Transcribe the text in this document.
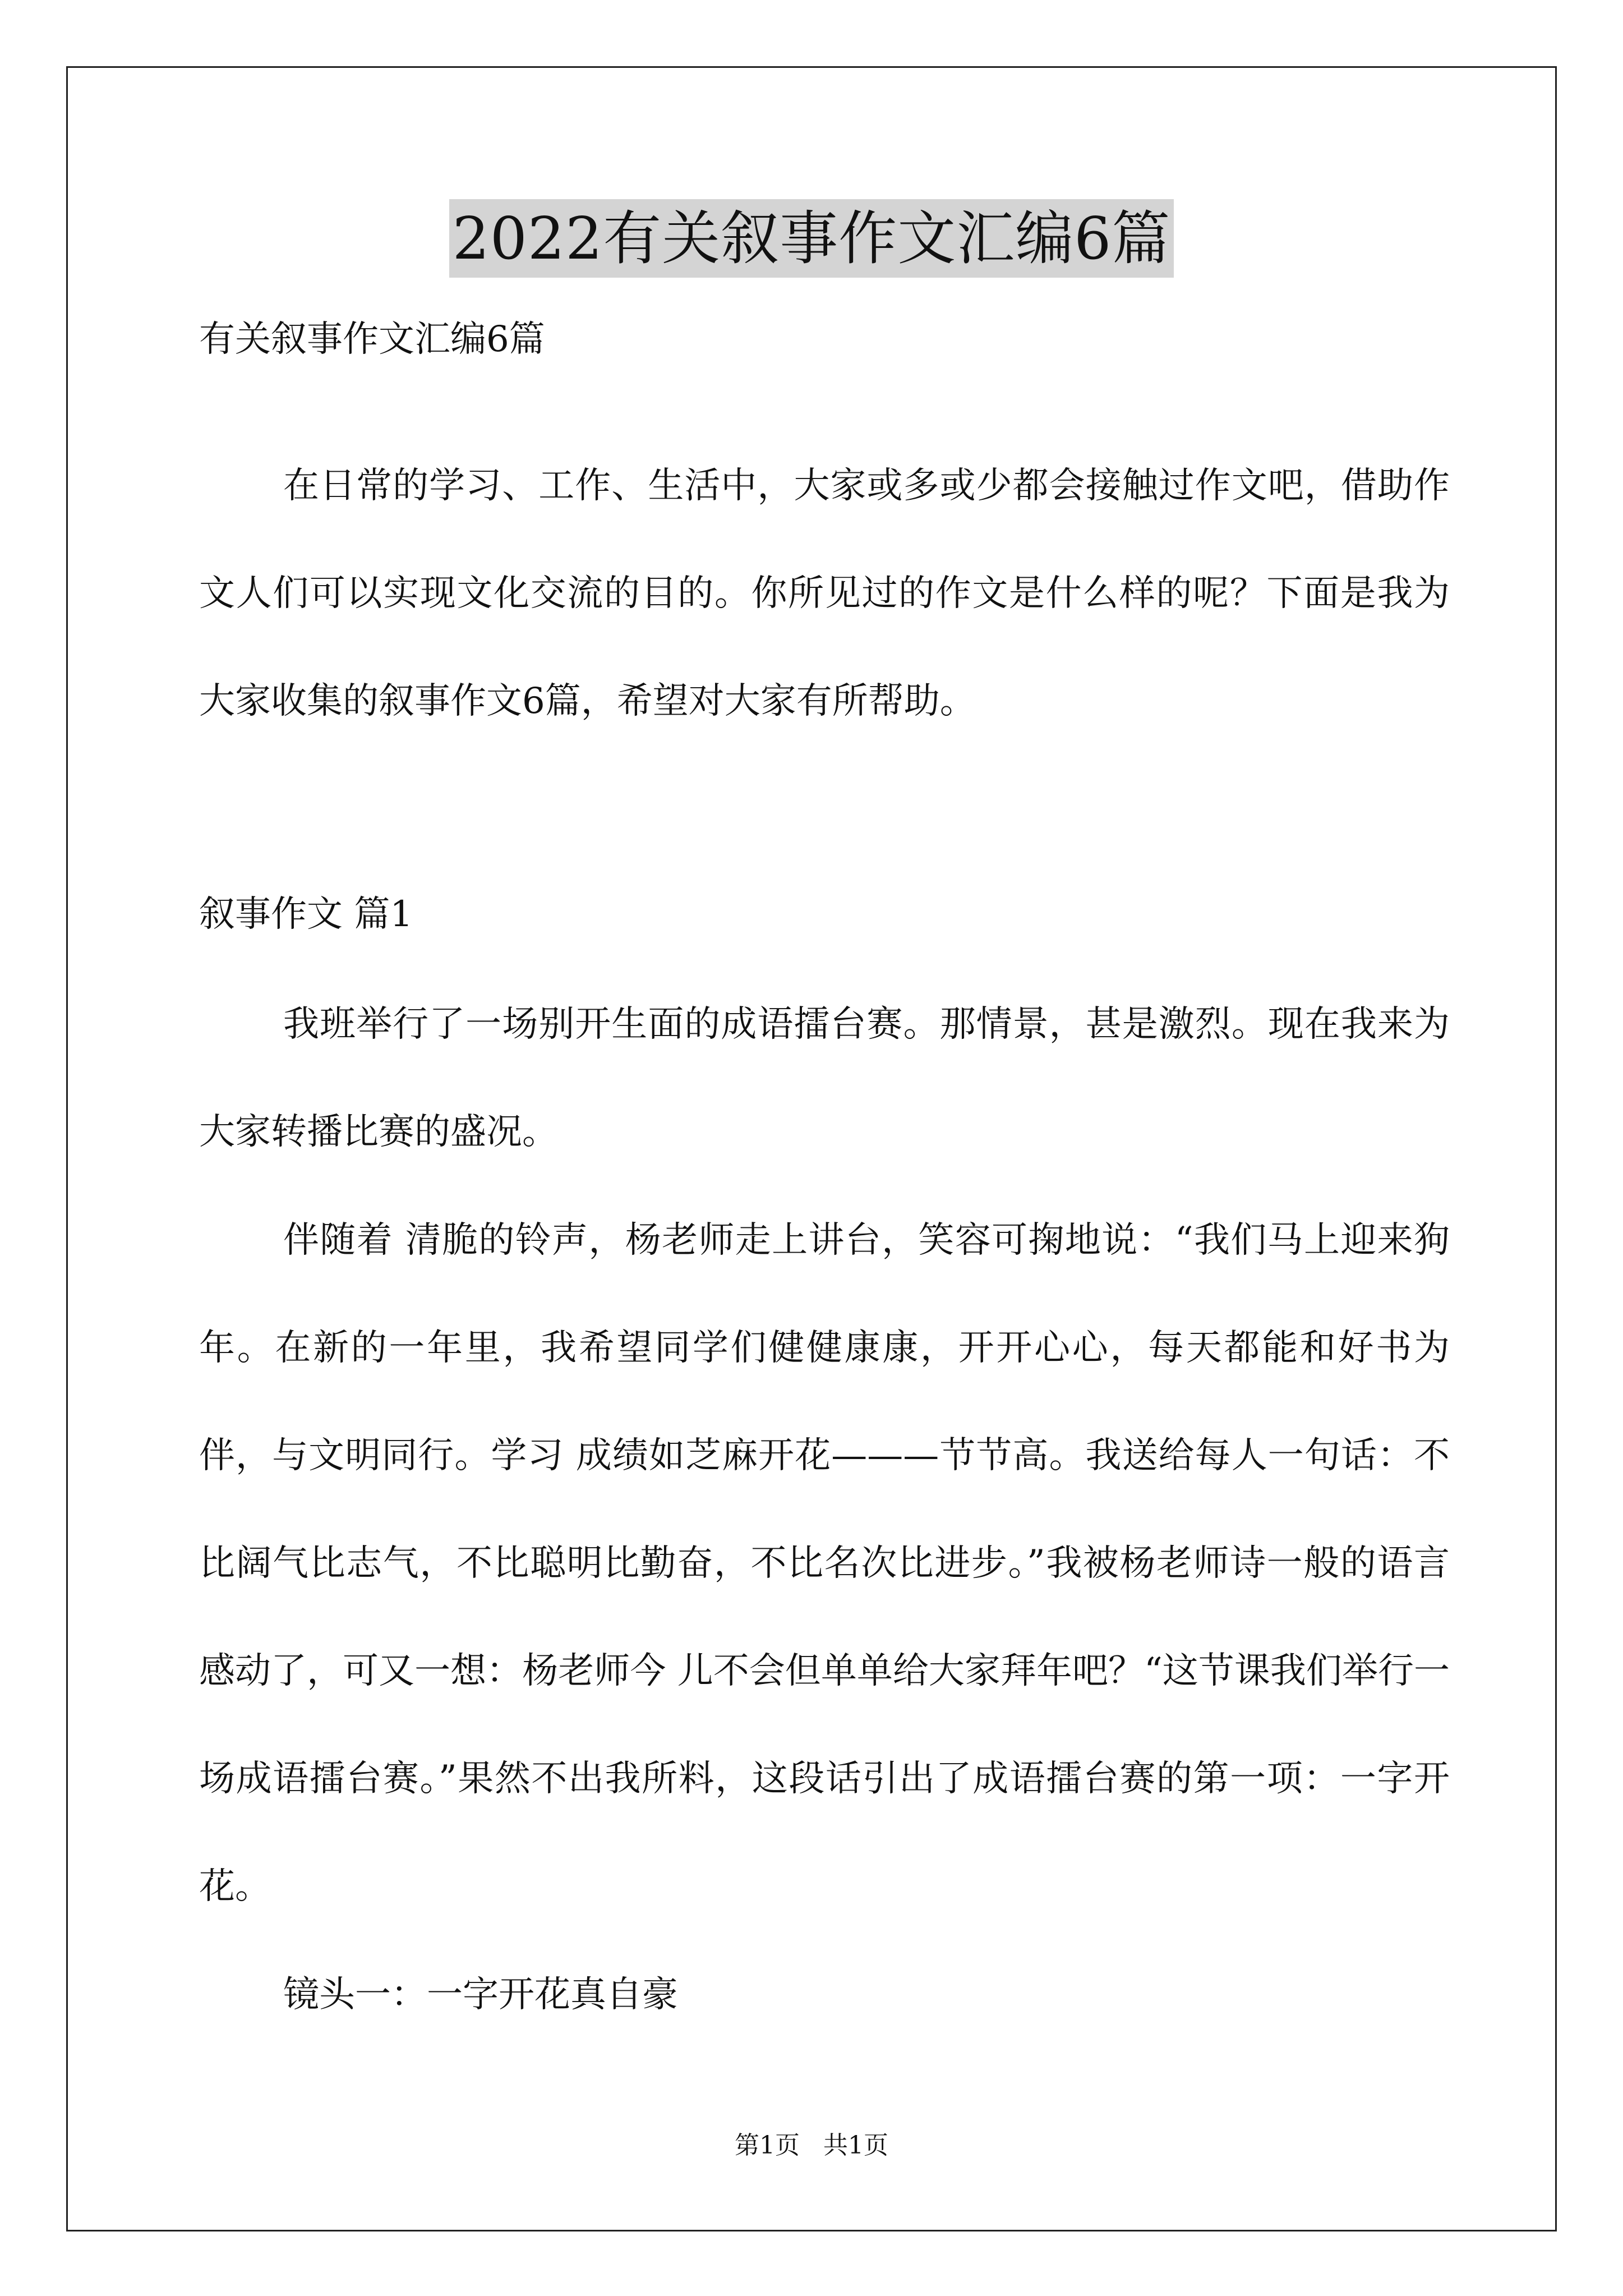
2022有关叙事作文汇编6篇
有关叙事作文汇编6篇

在日常的学习、工作、生活中，大家或多或少都会接触过作文吧，借助作文人们可以实现文化交流的目的。你所见过的作文是什么样的呢？下面是我为大家收集的叙事作文6篇，希望对大家有所帮助。

叙事作文 篇1

我班举行了一场别开生面的成语擂台赛。那情景，甚是激烈。现在我来为大家转播比赛的盛况。

伴随着 清脆的铃声，杨老师走上讲台，笑容可掬地说：“我们马上迎来狗年。在新的一年里，我希望同学们健健康康，开开心心，每天都能和好书为伴，与文明同行。学习 成绩如芝麻开花———节节高。我送给每人一句话：不比阔气比志气，不比聪明比勤奋，不比名次比进步。”我被杨老师诗一般的语言感动了，可又一想：杨老师今 儿不会但单单给大家拜年吧？“这节课我们举行一场成语擂台赛。”果然不出我所料，这段话引出了成语擂台赛的第一项：一字开花。

镜头一：一字开花真自豪

第1页   共1页
